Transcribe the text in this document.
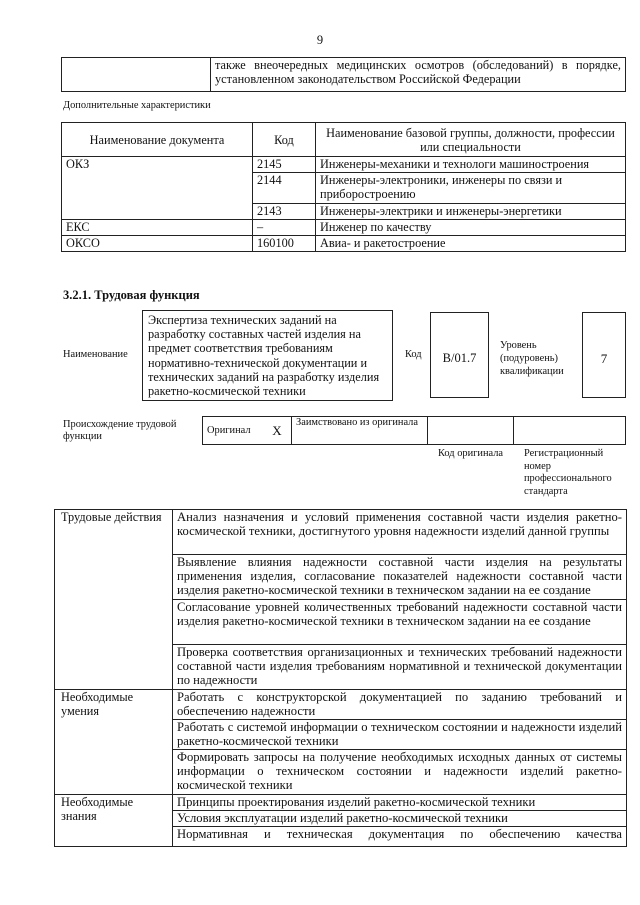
9
	также внеочередных медицинских осмотров (обследований) в порядке, установленном законодательством Российской Федерации
Дополнительные характеристики
Наименование документа	Код	Наименование базовой группы, должности, профессии или специальности
ОКЗ	2145	Инженеры-механики и технологи машиностроения
	2144	Инженеры-электроники, инженеры по связи и приборостроению
	2143	Инженеры-электрики и инженеры-энергетики
ЕКС	–	Инженер по качеству
ОКСО	160100	Авиа- и ракетостроение
3.2.1. Трудовая функция
Наименование
Экспертиза технических заданий на разработку составных частей изделия на предмет соответствия требованиям нормативно-технической документации и технических заданий на разработку изделия ракетно-космической техники
Код	B/01.7
Уровень (подуровень) квалификации
7
Происхождение трудовой функции
Оригинал	X	Заимствовано из оригинала		
Код оригинала Регистрационный номер профессионального стандарта
Трудовые действия	Анализ назначения и условий применения составной части изделия ракетно-космической техники, достигнутого уровня надежности изделий данной группы
	Выявление влияния надежности составной части изделия на результаты применения изделия, согласование показателей надежности составной части изделия ракетно-космической техники в техническом задании на ее создание
	Согласование уровней количественных требований надежности составной части изделия ракетно-космической техники в техническом задании на ее создание
	Проверка соответствия организационных и технических требований надежности составной части изделия требованиям нормативной и технической документации по надежности
Необходимые умения	Работать с конструкторской документацией по заданию требований и обеспечению надежности
	Работать с системой информации о техническом состоянии и надежности изделий ракетно-космической техники
	Формировать запросы на получение необходимых исходных данных от системы информации о техническом состоянии и надежности изделий ракетно-космической техники
Необходимые знания	Принципы проектирования изделий ракетно-космической техники
	Условия эксплуатации изделий ракетно-космической техники
	Нормативная и техническая документация по обеспечению качества
